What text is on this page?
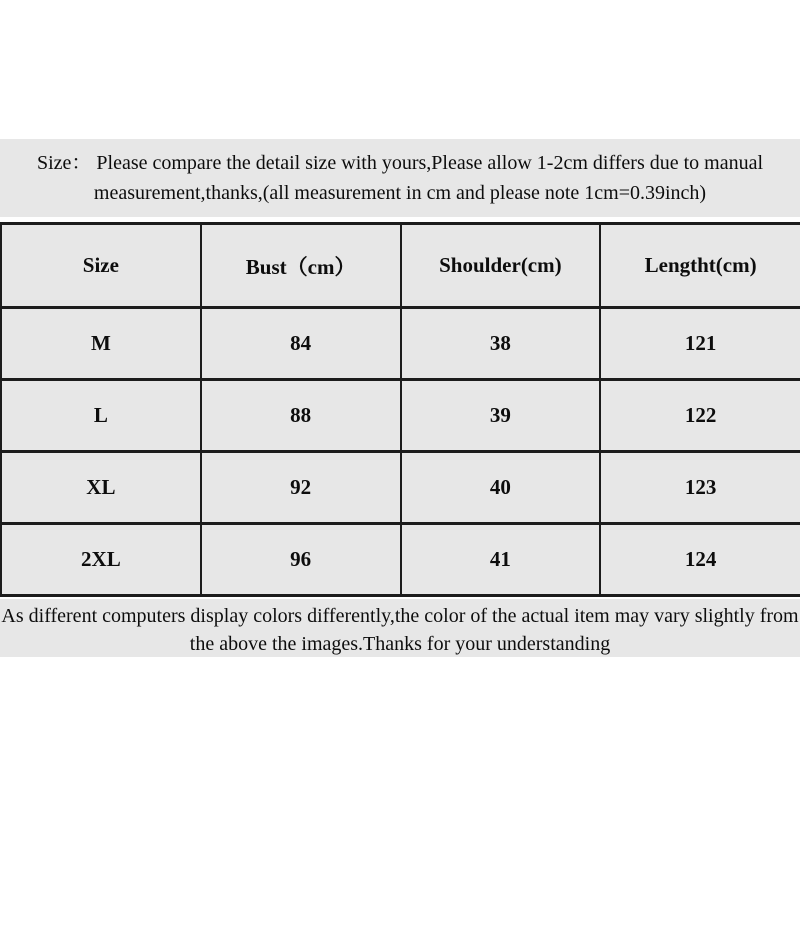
Size： Please compare the detail size with yours,Please allow 1-2cm differs due to manual
measurement,thanks,(all measurement in cm and please note 1cm=0.39inch)
Size	Bust（cm）	Shoulder(cm)	Lengtht(cm)
M	84	38	121
L	88	39	122
XL	92	40	123
2XL	96	41	124
As different computers display colors differently,the color of the actual item may vary slightly from
the above the images.Thanks for your understanding
